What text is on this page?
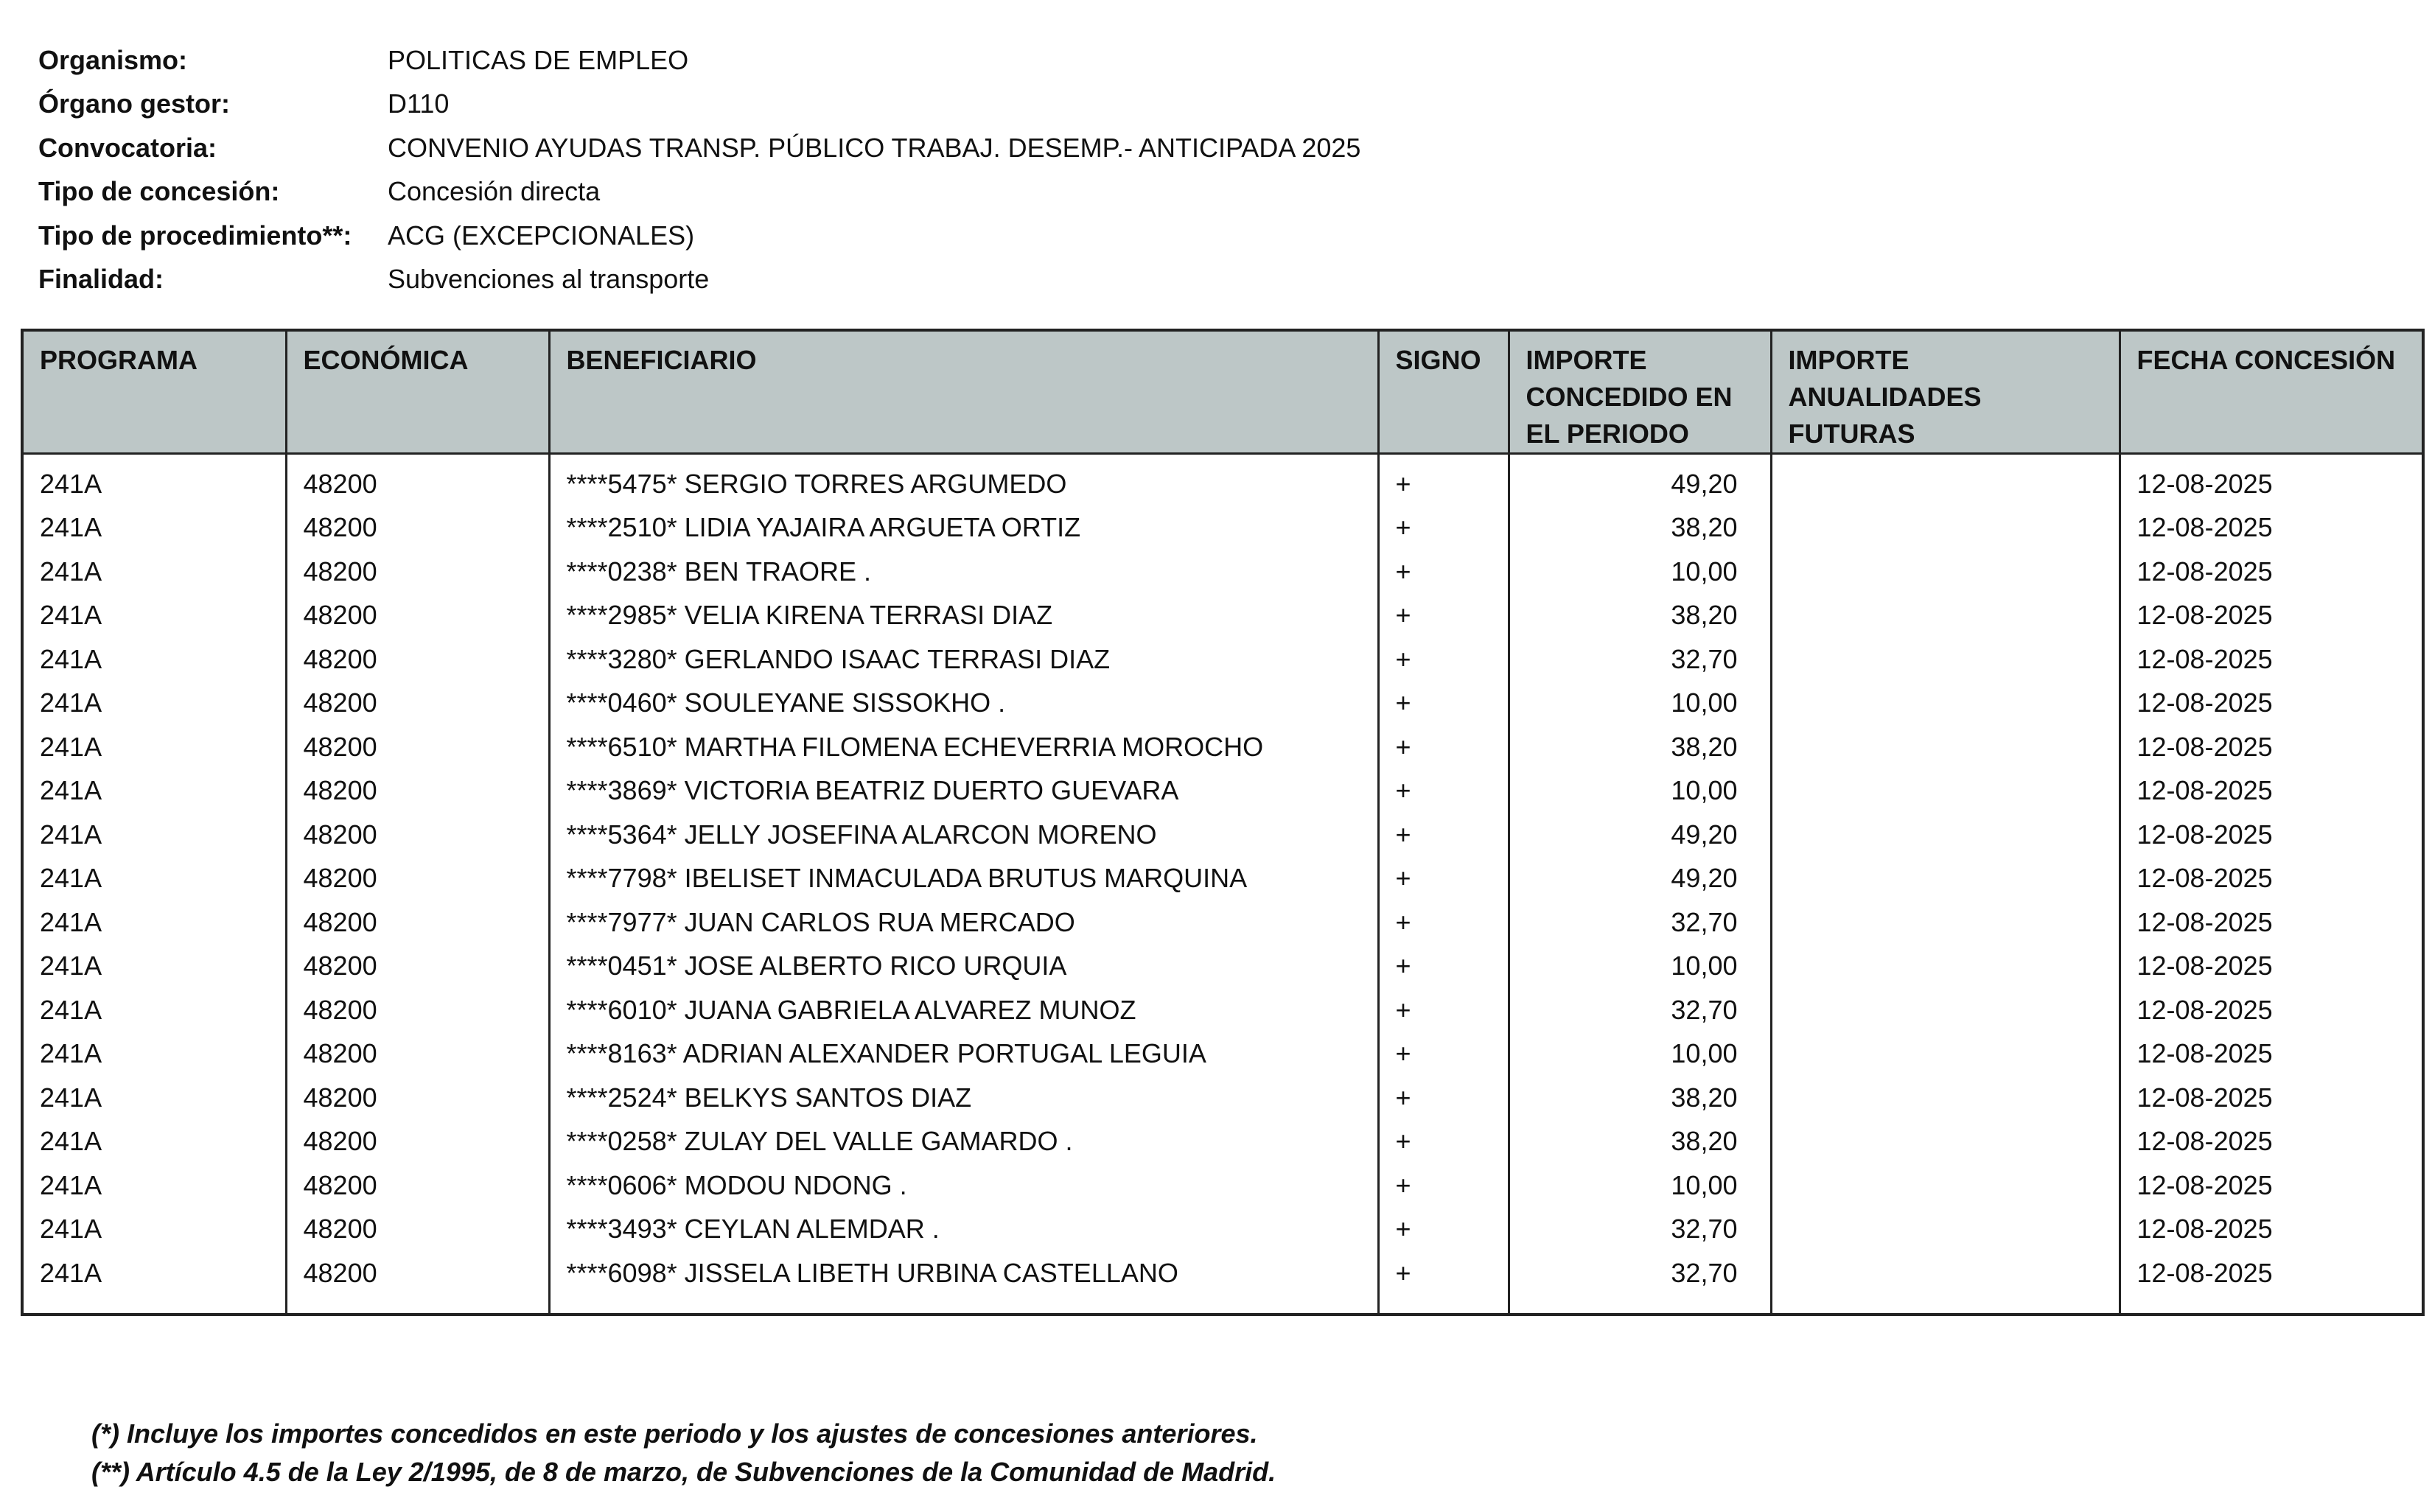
Organismo:	POLITICAS DE EMPLEO
Órgano gestor:	D110
Convocatoria:	CONVENIO AYUDAS TRANSP. PÚBLICO TRABAJ. DESEMP.- ANTICIPADA 2025
Tipo de concesión:	Concesión directa
Tipo de procedimiento**:	ACG (EXCEPCIONALES)
Finalidad:	Subvenciones al transporte
PROGRAMA	ECONÓMICA	BENEFICIARIO	SIGNO	IMPORTE CONCEDIDO EN EL PERIODO	IMPORTE ANUALIDADES FUTURAS	FECHA CONCESIÓN
241A	48200	****5475* SERGIO TORRES ARGUMEDO	+	49,20		12-08-2025
241A	48200	****2510* LIDIA YAJAIRA ARGUETA ORTIZ	+	38,20		12-08-2025
241A	48200	****0238* BEN TRAORE .	+	10,00		12-08-2025
241A	48200	****2985* VELIA KIRENA TERRASI DIAZ	+	38,20		12-08-2025
241A	48200	****3280* GERLANDO ISAAC TERRASI DIAZ	+	32,70		12-08-2025
241A	48200	****0460* SOULEYANE SISSOKHO .	+	10,00		12-08-2025
241A	48200	****6510* MARTHA FILOMENA ECHEVERRIA MOROCHO	+	38,20		12-08-2025
241A	48200	****3869* VICTORIA BEATRIZ DUERTO GUEVARA	+	10,00		12-08-2025
241A	48200	****5364* JELLY JOSEFINA ALARCON MORENO	+	49,20		12-08-2025
241A	48200	****7798* IBELISET INMACULADA BRUTUS MARQUINA	+	49,20		12-08-2025
241A	48200	****7977* JUAN CARLOS RUA MERCADO	+	32,70		12-08-2025
241A	48200	****0451* JOSE ALBERTO RICO URQUIA	+	10,00		12-08-2025
241A	48200	****6010* JUANA GABRIELA ALVAREZ MUNOZ	+	32,70		12-08-2025
241A	48200	****8163* ADRIAN ALEXANDER PORTUGAL LEGUIA	+	10,00		12-08-2025
241A	48200	****2524* BELKYS SANTOS DIAZ	+	38,20		12-08-2025
241A	48200	****0258* ZULAY DEL VALLE GAMARDO .	+	38,20		12-08-2025
241A	48200	****0606* MODOU NDONG .	+	10,00		12-08-2025
241A	48200	****3493* CEYLAN ALEMDAR .	+	32,70		12-08-2025
241A	48200	****6098* JISSELA LIBETH URBINA CASTELLANO	+	32,70		12-08-2025

(*) Incluye los importes concedidos en este periodo y los ajustes de concesiones anteriores.
(**) Artículo 4.5 de la Ley 2/1995, de 8 de marzo, de Subvenciones de la Comunidad de Madrid.
